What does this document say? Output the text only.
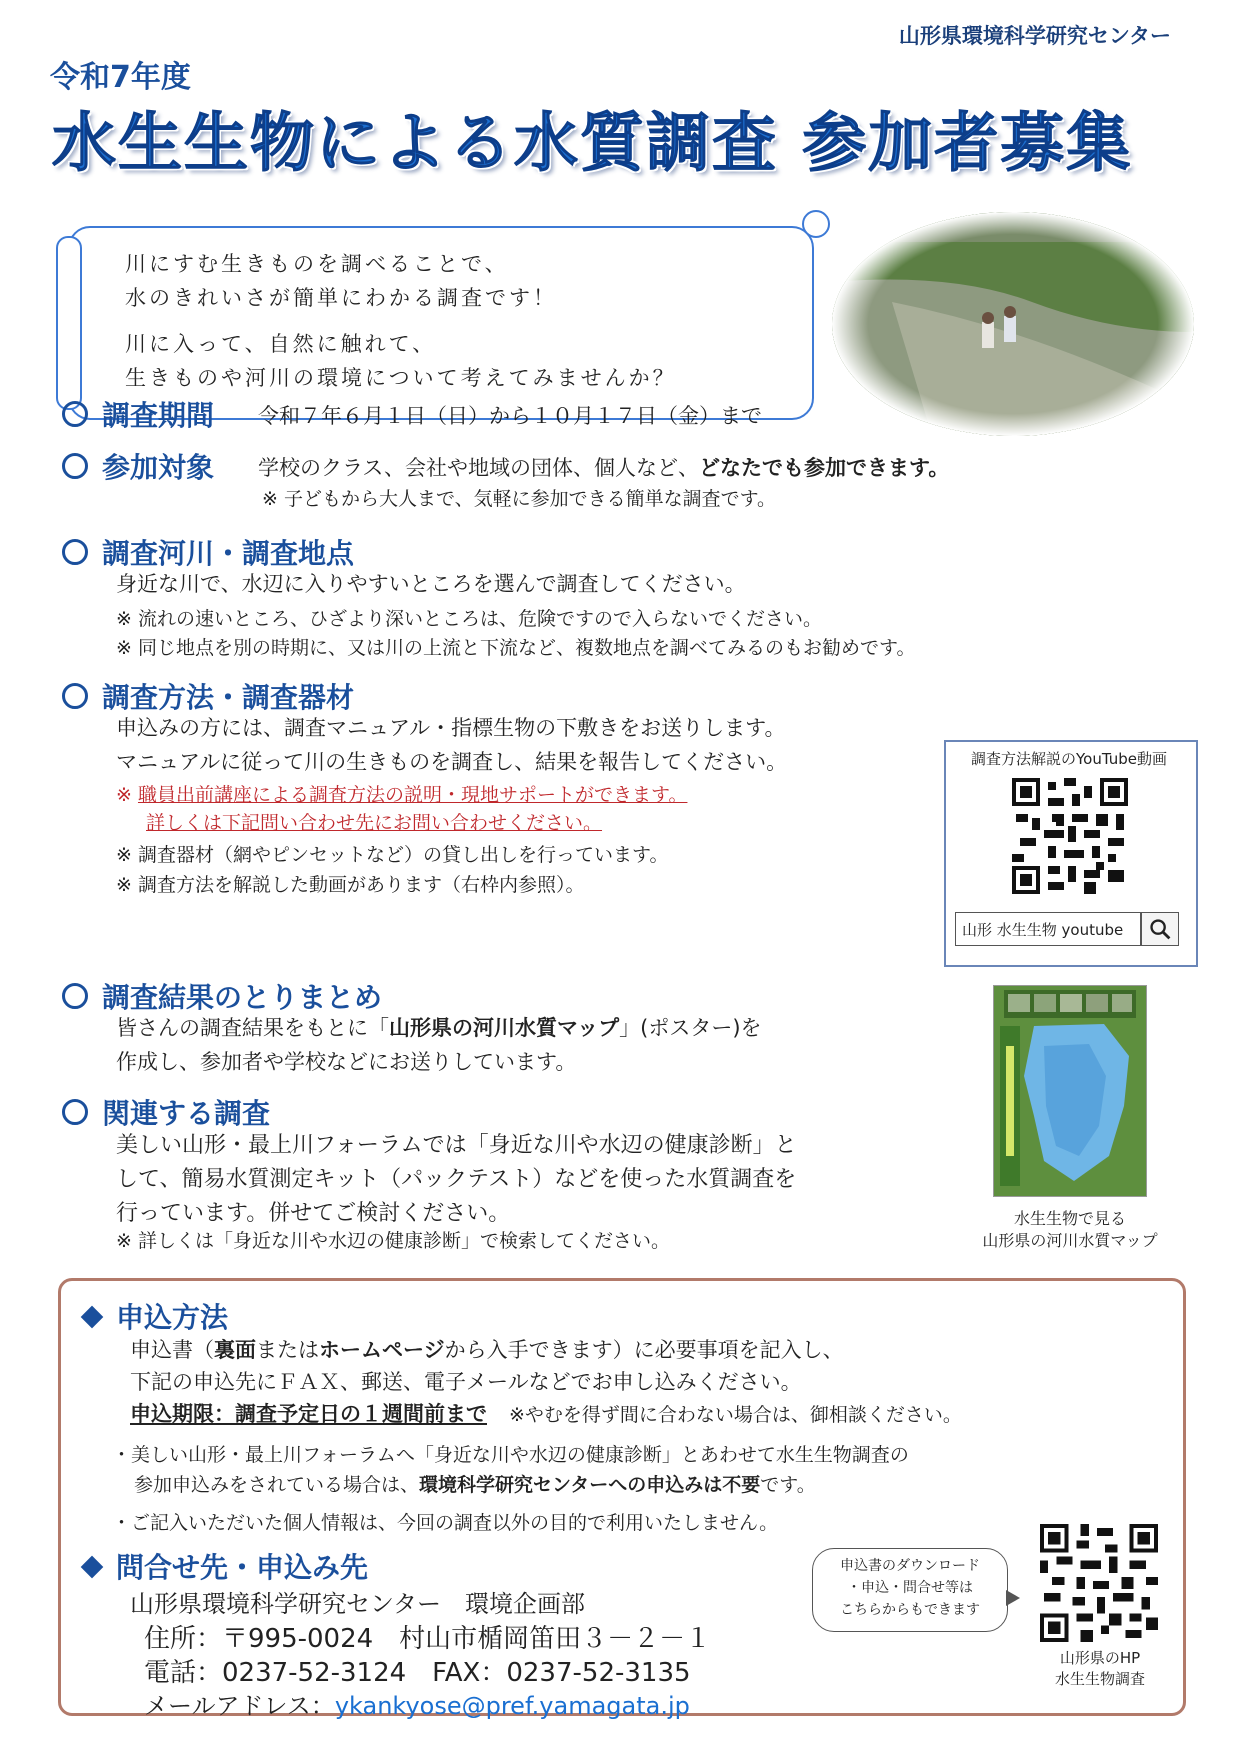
山形県環境科学研究センター
令和7年度
水生生物による水質調査 参加者募集
川にすむ生きものを調べることで、
水のきれいさが簡単にわかる調査です！
川に入って、自然に触れて、
生きものや河川の環境について考えてみませんか？
調査期間 令和７年６月１日（日）から１０月１７日（金）まで
参加対象 学校のクラス、会社や地域の団体、個人など、どなたでも参加できます。
※ 子どもから大人まで、気軽に参加できる簡単な調査です。
調査河川・調査地点
身近な川で、水辺に入りやすいところを選んで調査してください。
※ 流れの速いところ、ひざより深いところは、危険ですので入らないでください。
※ 同じ地点を別の時期に、又は川の上流と下流など、複数地点を調べてみるのもお勧めです。
調査方法・調査器材
申込みの方には、調査マニュアル・指標生物の下敷きをお送りします。
マニュアルに従って川の生きものを調査し、結果を報告してください。
※ 職員出前講座による調査方法の説明・現地サポートができます。
詳しくは下記問い合わせ先にお問い合わせください。
※ 調査器材（網やピンセットなど）の貸し出しを行っています。
※ 調査方法を解説した動画があります（右枠内参照）。
調査方法解説のYouTube動画
山形 水生生物 youtube
調査結果のとりまとめ
皆さんの調査結果をもとに「山形県の河川水質マップ」(ポスター)を
作成し、参加者や学校などにお送りしています。
水生生物で見る
山形県の河川水質マップ
関連する調査
美しい山形・最上川フォーラムでは「身近な川や水辺の健康診断」と
して、簡易水質測定キット（パックテスト）などを使った水質調査を
行っています。併せてご検討ください。
※ 詳しくは「身近な川や水辺の健康診断」で検索してください。
申込方法
申込書（裏面またはホームページから入手できます）に必要事項を記入し、
下記の申込先にＦＡＸ、郵送、電子メールなどでお申し込みください。
申込期限：調査予定日の１週間前まで ※やむを得ず間に合わない場合は、御相談ください。
・美しい山形・最上川フォーラムへ「身近な川や水辺の健康診断」とあわせて水生生物調査の
参加申込みをされている場合は、環境科学研究センターへの申込みは不要です。
・ご記入いただいた個人情報は、今回の調査以外の目的で利用いたしません。
問合せ先・申込み先
山形県環境科学研究センター　環境企画部
住所：〒995-0024　村山市楯岡笛田３－２－１
電話：0237-52-3124　FAX：0237-52-3135
メールアドレス：ykankyose@pref.yamagata.jp
申込書のダウンロード
・申込・問合せ等は
こちらからもできます
山形県のHP
水生生物調査
